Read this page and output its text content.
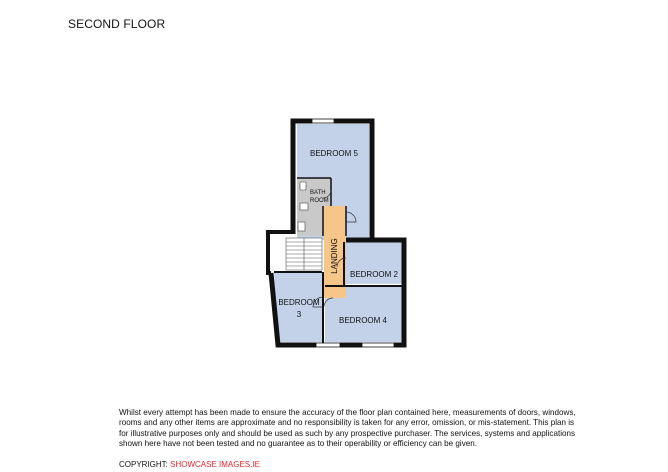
SECOND FLOOR
BEDROOM 5
BATH
ROOM
LANDING
BEDROOM 2
BEDROOM
3
BEDROOM 4
Whilst every attempt has been made to ensure the accuracy of the floor plan contained here, measurements of doors, windows, rooms and any other items are approximate and no responsibility is taken for any error, omission, or mis-statement. This plan is for illustrative purposes only and should be used as such by any prospective purchaser. The services, systems and applications shown here have not been tested and no guarantee as to their operability or efficiency can be given.
COPYRIGHT: SHOWCASE IMAGES.IE
